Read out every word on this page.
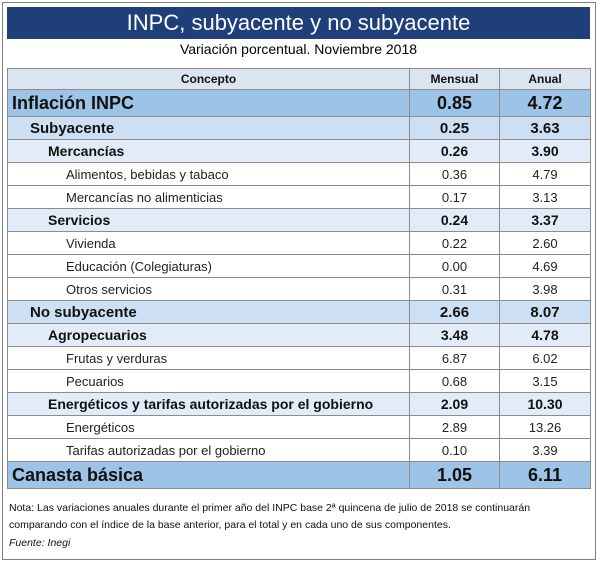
INPC, subyacente y no subyacente
Variación porcentual. Noviembre 2018
Concepto	Mensual	Anual
Inflación INPC	0.85	4.72
Subyacente	0.25	3.63
Mercancías	0.26	3.90
Alimentos, bebidas y tabaco	0.36	4.79
Mercancías no alimenticias	0.17	3.13
Servicios	0.24	3.37
Vivienda	0.22	2.60
Educación (Colegiaturas)	0.00	4.69
Otros servicios	0.31	3.98
No subyacente	2.66	8.07
Agropecuarios	3.48	4.78
Frutas y verduras	6.87	6.02
Pecuarios	0.68	3.15
Energéticos y tarifas autorizadas por el gobierno	2.09	10.30
Energéticos	2.89	13.26
Tarifas autorizadas por el gobierno	0.10	3.39
Canasta básica	1.05	6.11
Nota: Las variaciones anuales durante el primer año del INPC base 2ª quincena de julio de 2018 se continuarán comparando con el índice de la base anterior, para el total y en cada uno de sus componentes.
Fuente: Inegi
